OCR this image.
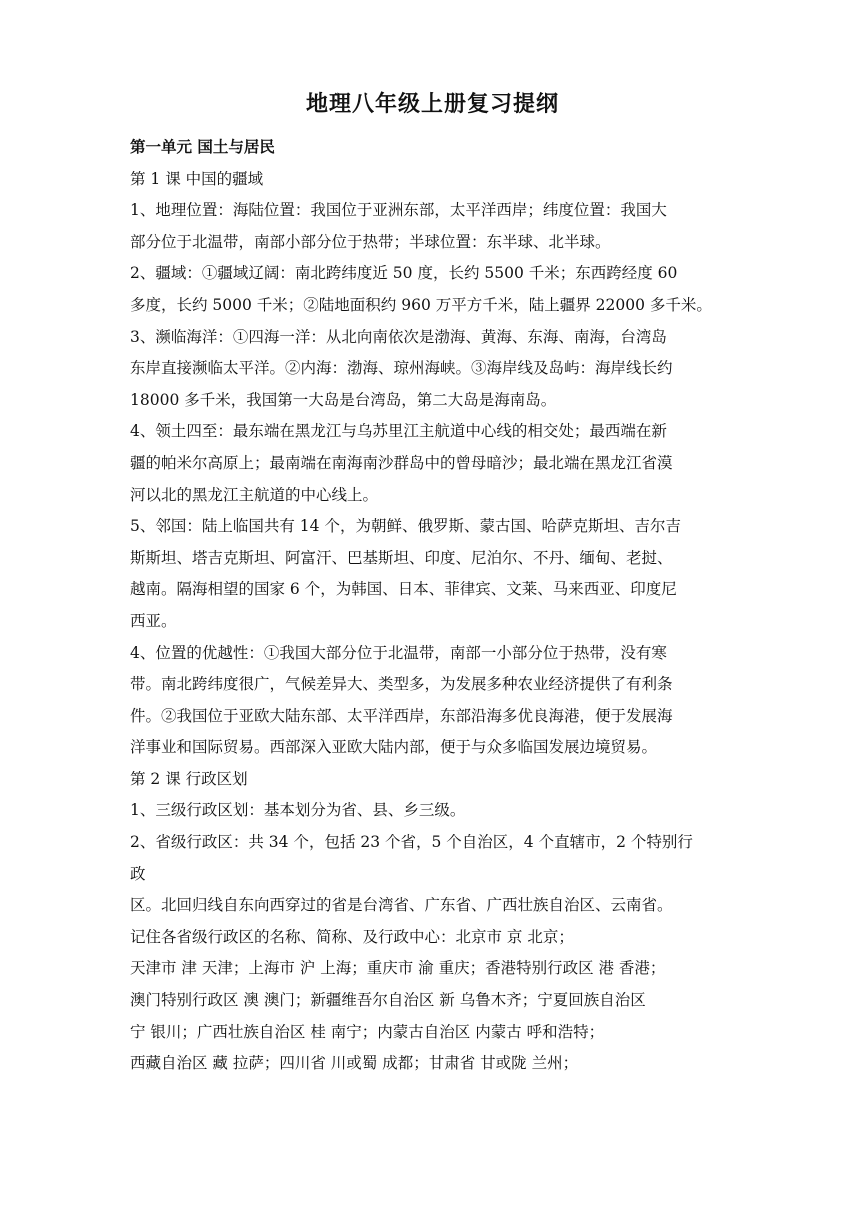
地理八年级上册复习提纲

第一单元 国土与居民

第 1 课 中国的疆域

1、地理位置：海陆位置：我国位于亚洲东部，太平洋西岸；纬度位置：我国大

部分位于北温带，南部小部分位于热带；半球位置：东半球、北半球。

2、疆域：①疆域辽阔：南北跨纬度近 50 度，长约 5500 千米；东西跨经度 60

多度，长约 5000 千米；②陆地面积约 960 万平方千米，陆上疆界 22000 多千米。

3、濒临海洋：①四海一洋：从北向南依次是渤海、黄海、东海、南海，台湾岛

东岸直接濒临太平洋。②内海：渤海、琼州海峡。③海岸线及岛屿：海岸线长约

18000 多千米，我国第一大岛是台湾岛，第二大岛是海南岛。

4、领土四至：最东端在黑龙江与乌苏里江主航道中心线的相交处；最西端在新

疆的帕米尔高原上；最南端在南海南沙群岛中的曾母暗沙；最北端在黑龙江省漠

河以北的黑龙江主航道的中心线上。

5、邻国：陆上临国共有 14 个，为朝鲜、俄罗斯、蒙古国、哈萨克斯坦、吉尔吉

斯斯坦、塔吉克斯坦、阿富汗、巴基斯坦、印度、尼泊尔、不丹、缅甸、老挝、

越南。隔海相望的国家 6 个，为韩国、日本、菲律宾、文莱、马来西亚、印度尼

西亚。

4、位置的优越性：①我国大部分位于北温带，南部一小部分位于热带，没有寒

带。南北跨纬度很广，气候差异大、类型多，为发展多种农业经济提供了有利条

件。②我国位于亚欧大陆东部、太平洋西岸，东部沿海多优良海港，便于发展海

洋事业和国际贸易。西部深入亚欧大陆内部，便于与众多临国发展边境贸易。

第 2 课 行政区划

1、三级行政区划：基本划分为省、县、乡三级。

2、省级行政区：共 34 个，包括 23 个省，5 个自治区，4 个直辖市，2 个特别行

政

区。北回归线自东向西穿过的省是台湾省、广东省、广西壮族自治区、云南省。

记住各省级行政区的名称、简称、及行政中心：北京市 京 北京；

天津市 津 天津；上海市 沪 上海；重庆市 渝 重庆；香港特别行政区 港 香港；

澳门特别行政区 澳 澳门；新疆维吾尔自治区 新 乌鲁木齐；宁夏回族自治区

宁 银川；广西壮族自治区 桂 南宁；内蒙古自治区 内蒙古 呼和浩特；

西藏自治区 藏 拉萨；四川省 川或蜀 成都；甘肃省 甘或陇 兰州；
